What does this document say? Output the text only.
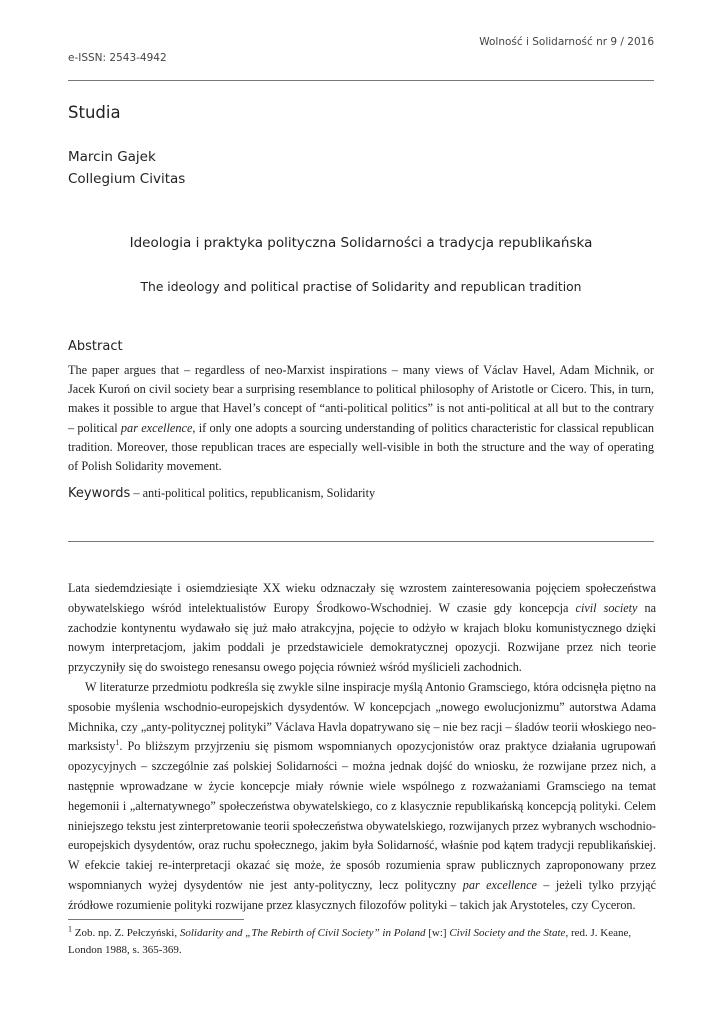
Wolność i Solidarność nr 9 / 2016
e-ISSN: 2543-4942
Studia
Marcin Gajek
Collegium Civitas
Ideologia i praktyka polityczna Solidarności a tradycja republikańska
The ideology and political practise of Solidarity and republican tradition
Abstract

The paper argues that – regardless of neo-Marxist inspirations – many views of Václav Havel, Adam Michnik, or Jacek Kuroń on civil society bear a surprising resemblance to political philosophy of Aristotle or Cicero. This, in turn, makes it possible to argue that Havel’s concept of “anti-political politics” is not anti-political at all but to the contrary – political par excellence, if only one adopts a sourcing understanding of politics characteristic for classical republican tradition. Moreover, those republican traces are especially well-visible in both the structure and the way of operating of Polish Solidarity movement.

Keywords – anti-political politics, republicanism, Solidarity

Lata siedemdziesiąte i osiemdziesiąte XX wieku odznaczały się wzrostem zainteresowania pojęciem społeczeństwa obywatelskiego wśród intelektualistów Europy Środkowo-Wschodniej. W czasie gdy koncepcja civil society na zachodzie kontynentu wydawało się już mało atrakcyjna, pojęcie to odżyło w krajach bloku komunistycznego dzięki nowym interpretacjom, jakim poddali je przedstawiciele demokratycznej opozycji. Rozwijane przez nich teorie przyczyniły się do swoistego renesansu owego pojęcia również wśród myślicieli zachodnich.

W literaturze przedmiotu podkreśla się zwykle silne inspiracje myślą Antonio Gramsciego, która odcisnęła piętno na sposobie myślenia wschodnio-europejskich dysydentów. W koncepcjach „nowego ewolucjonizmu” autorstwa Adama Michnika, czy „anty-politycznej polityki” Václava Havla dopatrywano się – nie bez racji – śladów teorii włoskiego neo-marksisty$^1$. Po bliższym przyjrzeniu się pismom wspomnianych opozycjonistów oraz praktyce działania ugrupowań opozycyjnych – szczególnie zaś polskiej Solidarności – można jednak dojść do wniosku, że rozwijane przez nich, a następnie wprowadzane w życie koncepcje miały równie wiele wspólnego z rozważaniami Gramsciego na temat hegemonii i „alternatywnego” społeczeństwa obywatelskiego, co z klasycznie republikańską koncepcją polityki. Celem niniejszego tekstu jest zinterpretowanie teorii społeczeństwa obywatelskiego, rozwijanych przez wybranych wschodnio-europejskich dysydentów, oraz ruchu społecznego, jakim była Solidarność, właśnie pod kątem tradycji republikańskiej. W efekcie takiej re-interpretacji okazać się może, że sposób rozumienia spraw publicznych zaproponowany przez wspomnianych wyżej dysydentów nie jest anty-polityczny, lecz polityczny par excellence – jeżeli tylko przyjąć źródłowe rozumienie polityki rozwijane przez klasycznych filozofów polityki – takich jak Arystoteles, czy Cyceron.

$^1$ Zob. np. Z. Pełczyński, Solidarity and „The Rebirth of Civil Society” in Poland [w:] Civil Society and the State, red. J. Keane, London 1988, s. 365-369.
